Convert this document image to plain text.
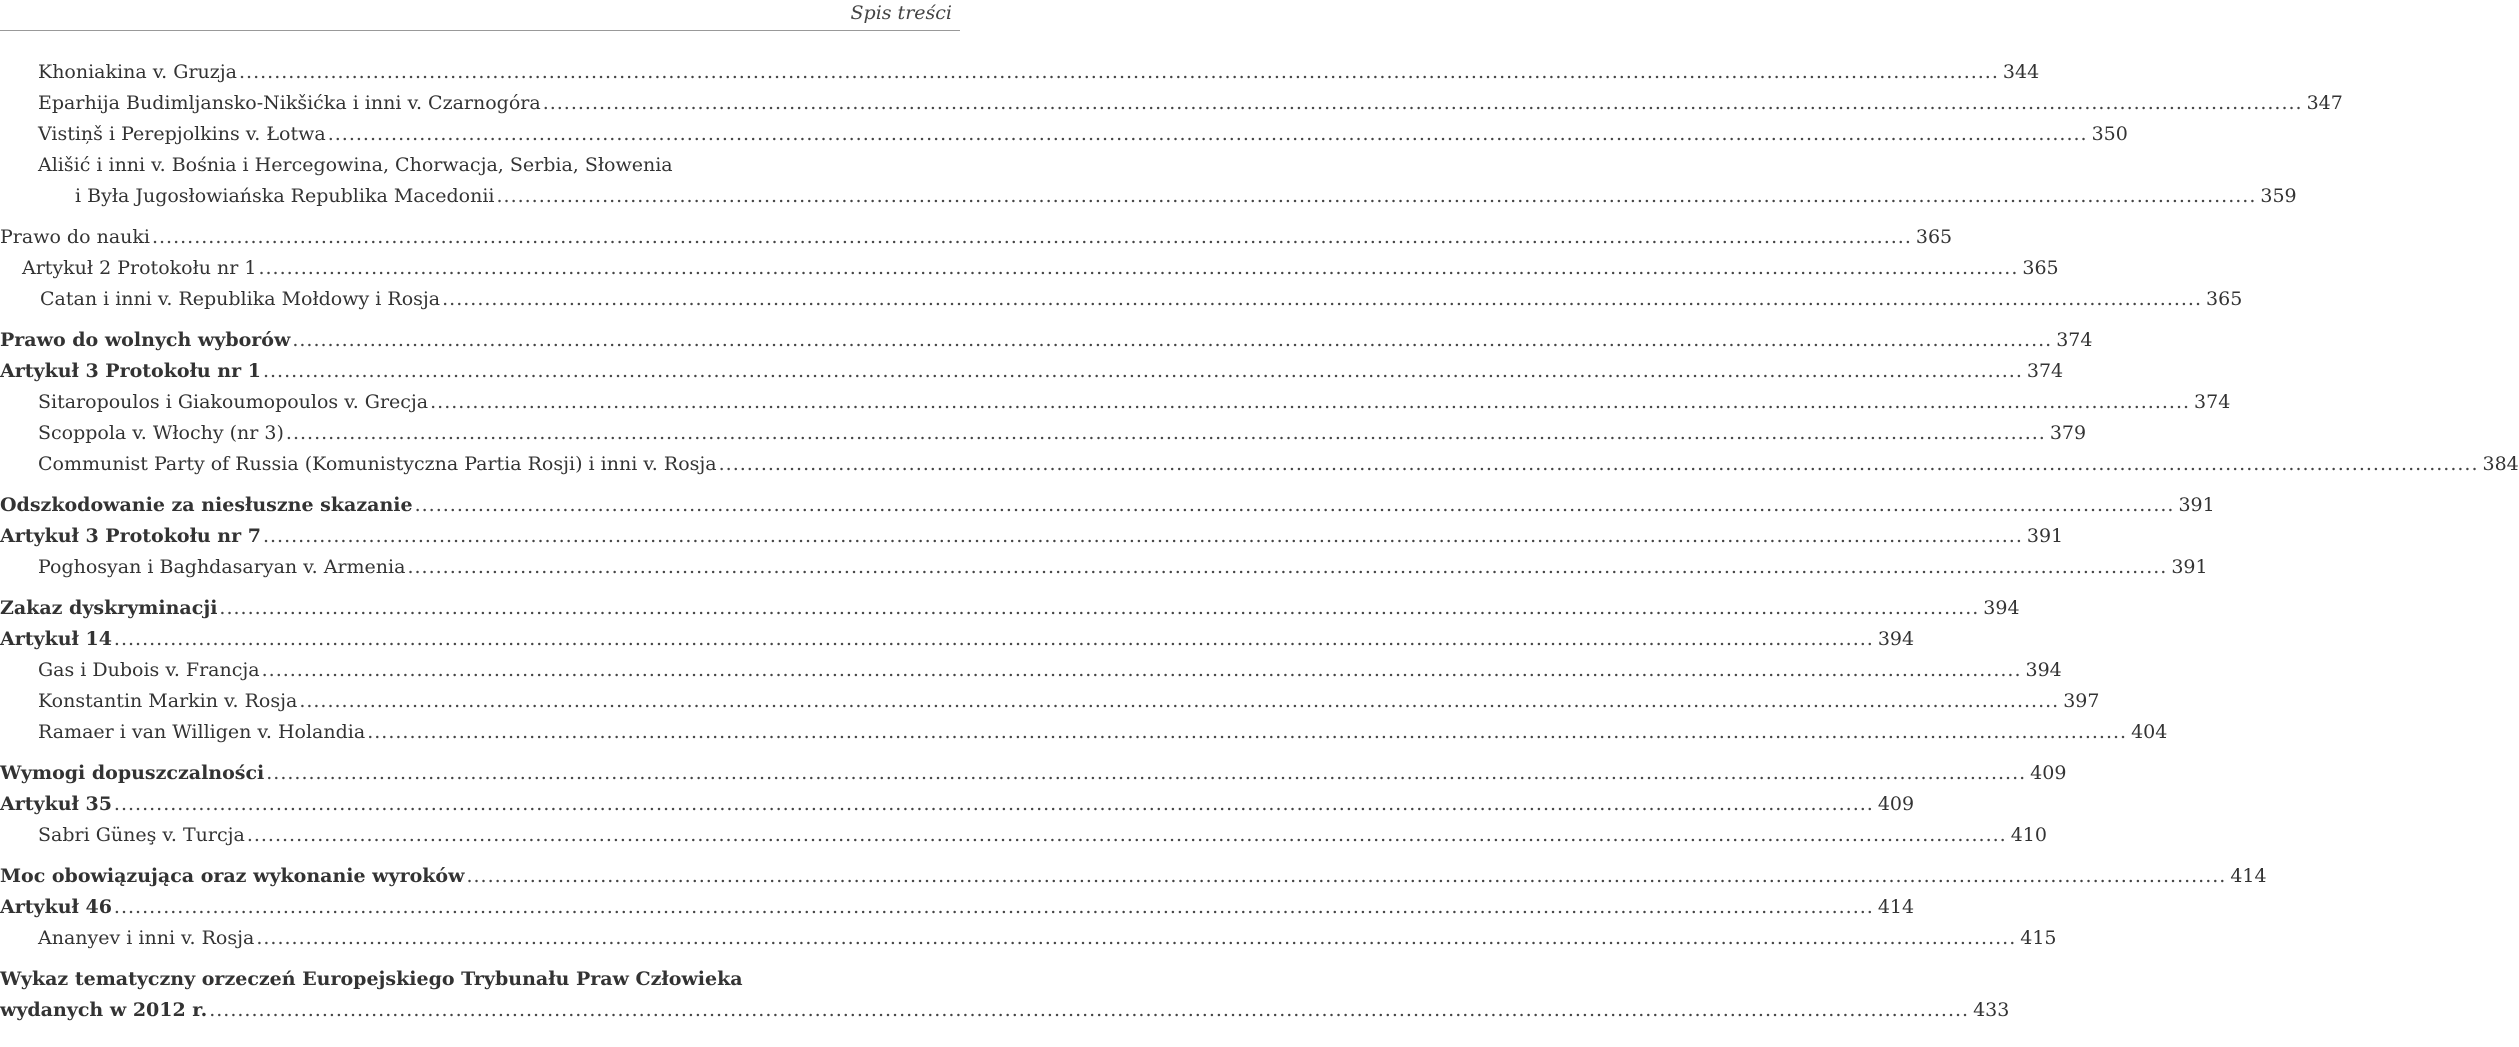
Spis treści
Khoniakina v. Gruzja .....	344
Eparhija Budimljansko-Nikšićka i inni v. Czarnogóra .....	347
Vistiņš i Perepjolkins v. Łotwa .....	350
Ališić i inni v. Bośnia i Hercegowina, Chorwacja, Serbia, Słowenia
i Była Jugosłowiańska Republika Macedonii .....	359
Prawo do nauki .....	365
Artykuł 2 Protokołu nr 1 .....	365
Catan i inni v. Republika Mołdowy i Rosja .....	365
Prawo do wolnych wyborów .....	374
Artykuł 3 Protokołu nr 1 .....	374
Sitaropoulos i Giakoumopoulos v. Grecja .....	374
Scoppola v. Włochy (nr 3) .....	379
Communist Party of Russia (Komunistyczna Partia Rosji) i inni v. Rosja .....	384
Odszkodowanie za niesłuszne skazanie .....	391
Artykuł 3 Protokołu nr 7 .....	391
Poghosyan i Baghdasaryan v. Armenia .....	391
Zakaz dyskryminacji .....	394
Artykuł 14 .....	394
Gas i Dubois v. Francja .....	394
Konstantin Markin v. Rosja .....	397
Ramaer i van Willigen v. Holandia .....	404
Wymogi dopuszczalności .....	409
Artykuł 35 .....	409
Sabri Güneş v. Turcja .....	410
Moc obowiązująca oraz wykonanie wyroków .....	414
Artykuł 46 .....	414
Ananyev i inni v. Rosja .....	415
Wykaz tematyczny orzeczeń Europejskiego Trybunału Praw Człowieka
wydanych w 2012 r. .....	433
